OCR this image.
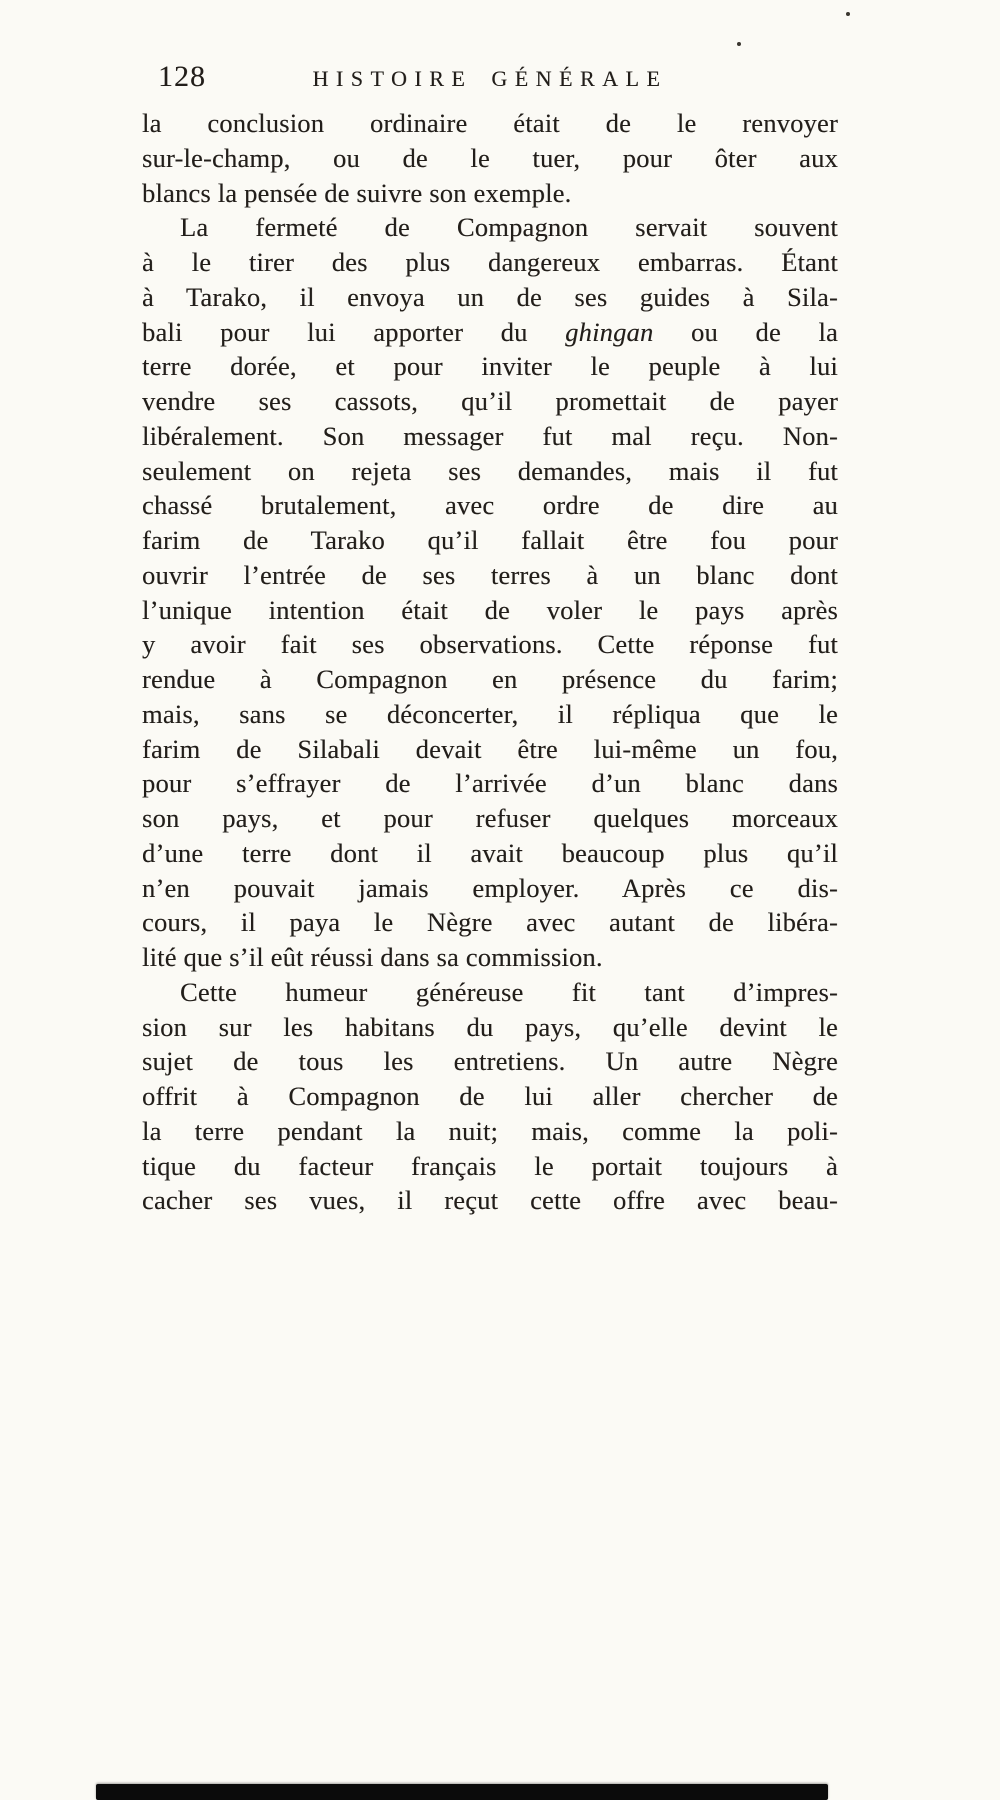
128	HISTOIRE GÉNÉRALE
la conclusion ordinaire était de le renvoyer
sur-le-champ, ou de le tuer, pour ôter aux
blancs la pensée de suivre son exemple.
La fermeté de Compagnon servait souvent
à le tirer des plus dangereux embarras. Étant
à Tarako, il envoya un de ses guides à Sila-
bali pour lui apporter du ghingan ou de la
terre dorée, et pour inviter le peuple à lui
vendre ses cassots, qu’il promettait de payer
libéralement. Son messager fut mal reçu. Non-
seulement on rejeta ses demandes, mais il fut
chassé brutalement, avec ordre de dire au
farim de Tarako qu’il fallait être fou pour
ouvrir l’entrée de ses terres à un blanc dont
l’unique intention était de voler le pays après
y avoir fait ses observations. Cette réponse fut
rendue à Compagnon en présence du farim;
mais, sans se déconcerter, il répliqua que le
farim de Silabali devait être lui-même un fou,
pour s’effrayer de l’arrivée d’un blanc dans
son pays, et pour refuser quelques morceaux
d’une terre dont il avait beaucoup plus qu’il
n’en pouvait jamais employer. Après ce dis-
cours, il paya le Nègre avec autant de libéra-
lité que s’il eût réussi dans sa commission.
Cette humeur généreuse fit tant d’impres-
sion sur les habitans du pays, qu’elle devint le
sujet de tous les entretiens. Un autre Nègre
offrit à Compagnon de lui aller chercher de
la terre pendant la nuit; mais, comme la poli-
tique du facteur français le portait toujours à
cacher ses vues, il reçut cette offre avec beau-
